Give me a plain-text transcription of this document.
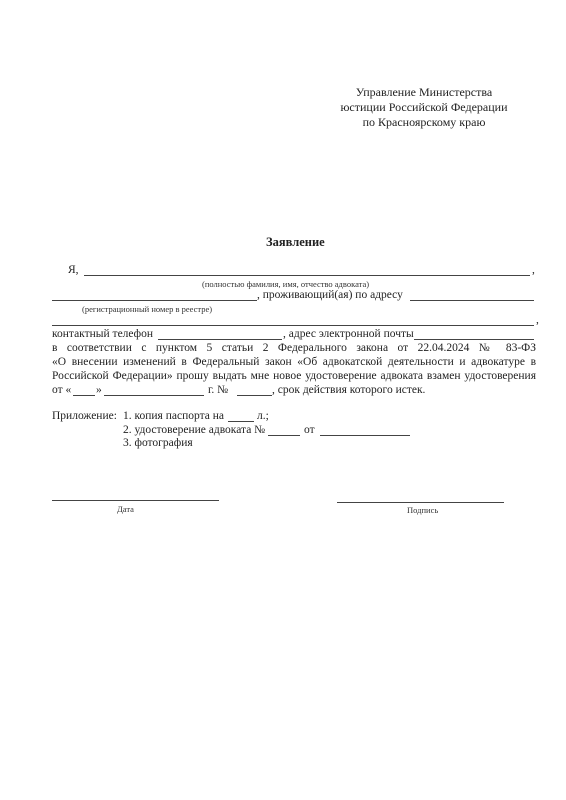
Управление Министерства
юстиции Российской Федерации
по Красноярскому краю
Заявление
Я,	,
(полностью фамилия, имя, отчество адвоката)
, проживающий(ая) по адресу
(регистрационный номер в реестре)
,
контактный телефон	, адрес электронной почты
в соответствии с пунктом 5 статьи 2 Федерального закона от 22.04.2024 № 83-ФЗ
«О внесении изменений в Федеральный закон «Об адвокатской деятельности и адвокатуре в
Российской Федерации» прошу выдать мне новое удостоверение адвоката взамен удостоверения
от « »	г. №	, срок действия которого истек.
Приложение: 1. копия паспорта на	л.;
2. удостоверение адвоката №	от
3. фотография
Дата	Подпись
